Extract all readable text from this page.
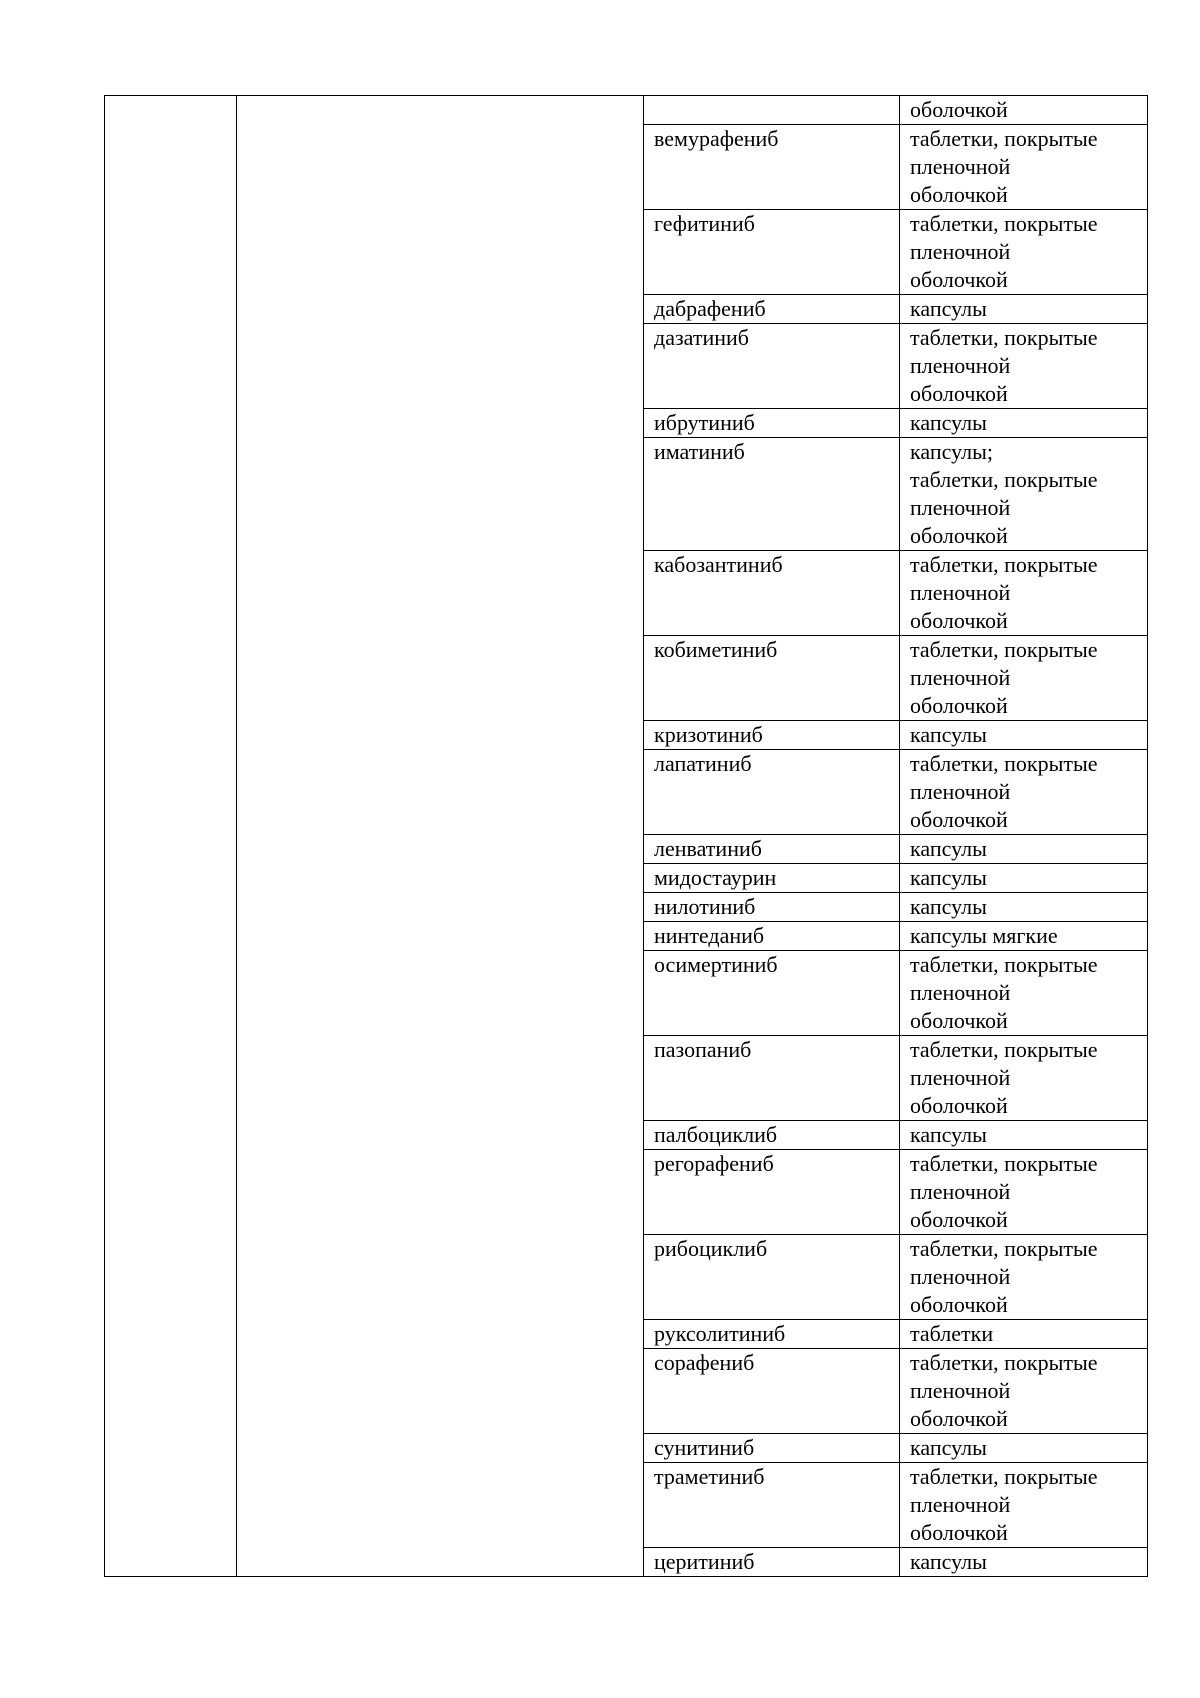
			оболочкой
		вемурафениб	таблетки, покрытые
пленочной
оболочкой
		гефитиниб	таблетки, покрытые
пленочной
оболочкой
		дабрафениб	капсулы
		дазатиниб	таблетки, покрытые
пленочной
оболочкой
		ибрутиниб	капсулы
		иматиниб	капсулы;
таблетки, покрытые
пленочной
оболочкой
		кабозантиниб	таблетки, покрытые
пленочной
оболочкой
		кобиметиниб	таблетки, покрытые
пленочной
оболочкой
		кризотиниб	капсулы
		лапатиниб	таблетки, покрытые
пленочной
оболочкой
		ленватиниб	капсулы
		мидостаурин	капсулы
		нилотиниб	капсулы
		нинтеданиб	капсулы мягкие
		осимертиниб	таблетки, покрытые
пленочной
оболочкой
		пазопаниб	таблетки, покрытые
пленочной
оболочкой
		палбоциклиб	капсулы
		регорафениб	таблетки, покрытые
пленочной
оболочкой
		рибоциклиб	таблетки, покрытые
пленочной
оболочкой
		руксолитиниб	таблетки
		сорафениб	таблетки, покрытые
пленочной
оболочкой
		сунитиниб	капсулы
		траметиниб	таблетки, покрытые
пленочной
оболочкой
		церитиниб	капсулы
